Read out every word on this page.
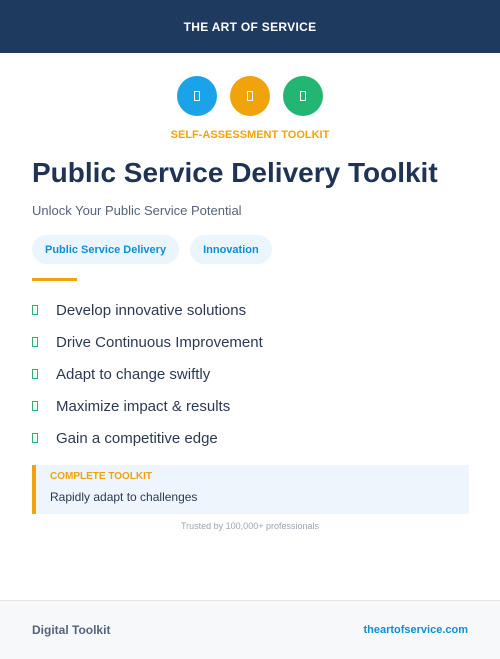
THE ART OF SERVICE
SELF-ASSESSMENT TOOLKIT
Public Service Delivery Toolkit

Unlock Your Public Service Potential

Public Service Delivery	Innovation
Develop innovative solutions
Drive Continuous Improvement
Adapt to change swiftly
Maximize impact & results
Gain a competitive edge
COMPLETE TOOLKIT
Rapidly adapt to challenges
Trusted by 100,000+ professionals
Digital Toolkit	theartofservice.com
